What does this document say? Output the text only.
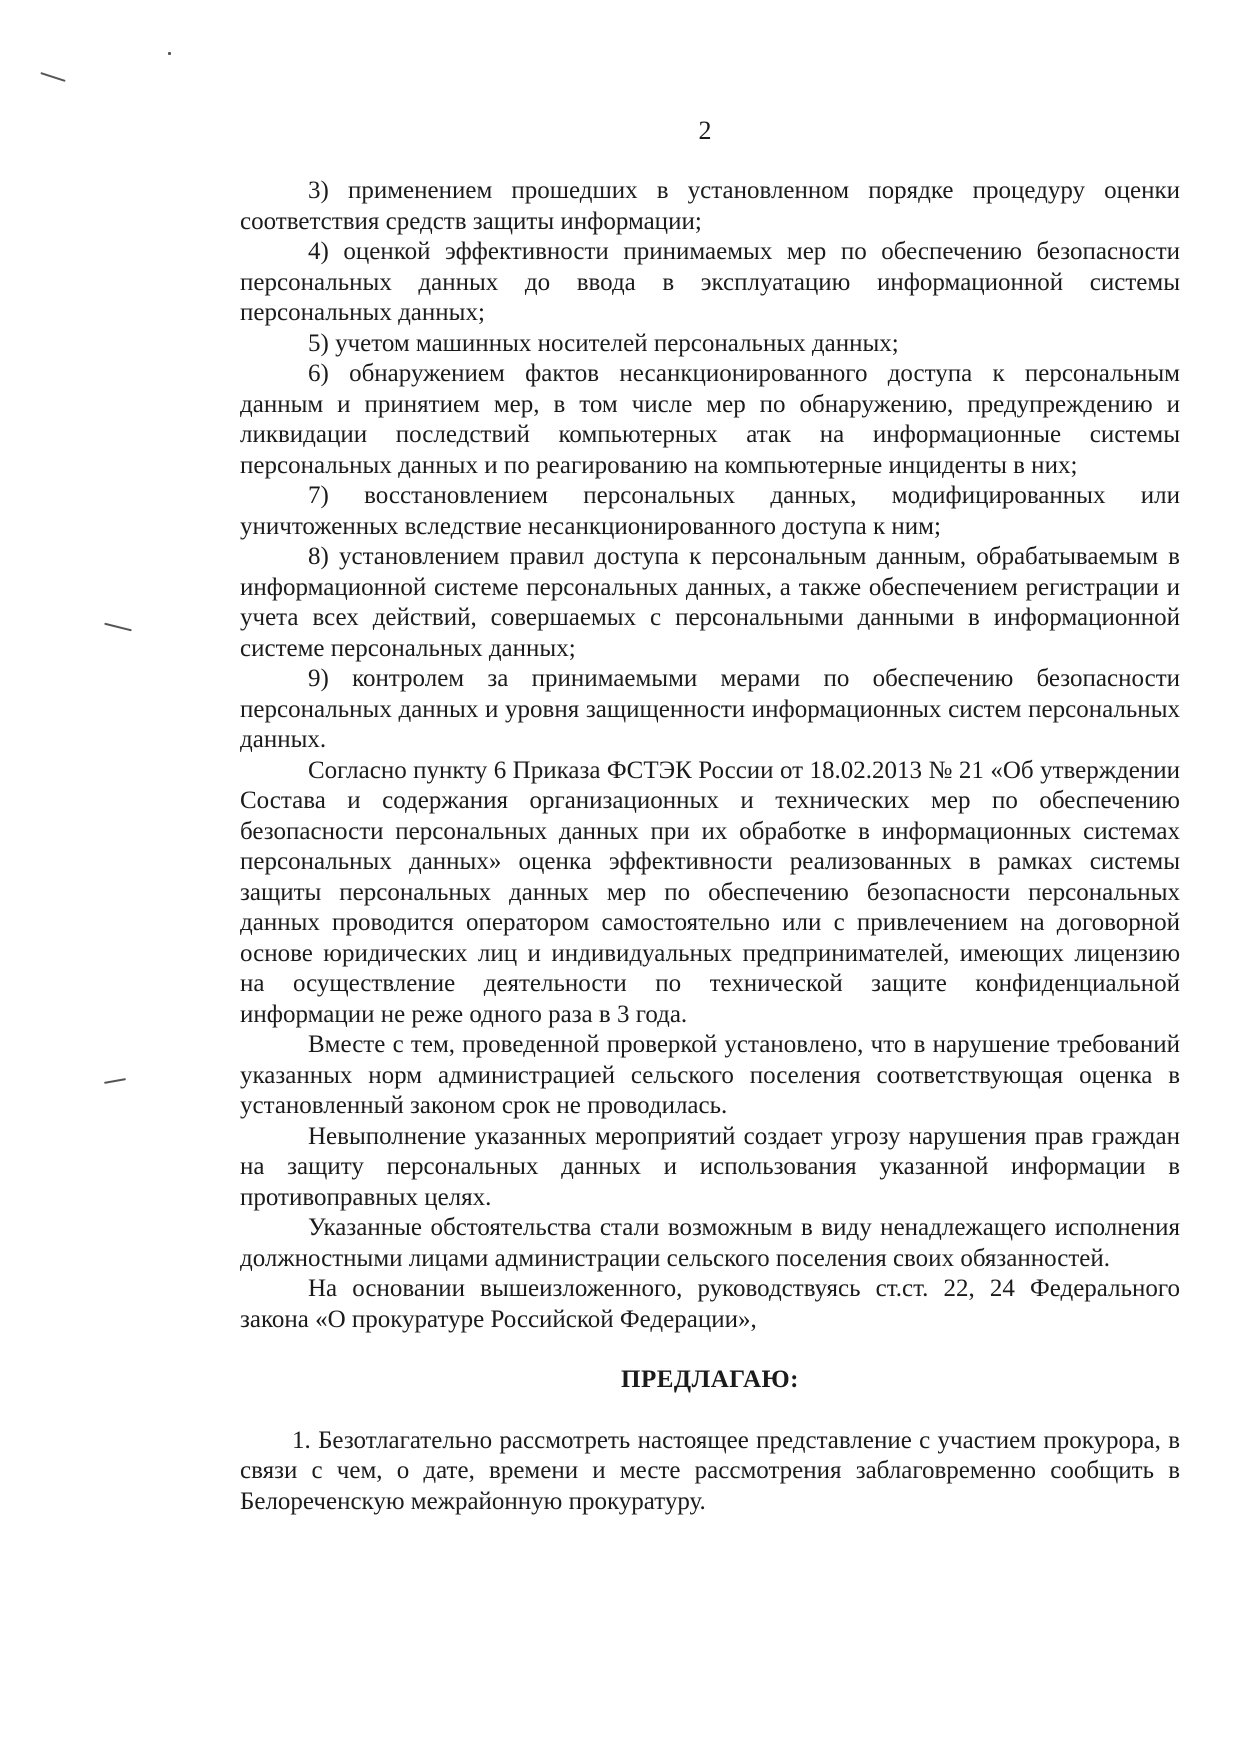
2

3) применением прошедших в установленном порядке процедуру оценки соответствия средств защиты информации;

4) оценкой эффективности принимаемых мер по обеспечению безопасности персональных данных до ввода в эксплуатацию информационной системы персональных данных;

5) учетом машинных носителей персональных данных;

6) обнаружением фактов несанкционированного доступа к персональным данным и принятием мер, в том числе мер по обнаружению, предупреждению и ликвидации последствий компьютерных атак на информационные системы персональных данных и по реагированию на компьютерные инциденты в них;

7) восстановлением персональных данных, модифицированных или уничтоженных вследствие несанкционированного доступа к ним;

8) установлением правил доступа к персональным данным, обрабатываемым в информационной системе персональных данных, а также обеспечением регистрации и учета всех действий, совершаемых с персональными данными в информационной системе персональных данных;

9) контролем за принимаемыми мерами по обеспечению безопасности персональных данных и уровня защищенности информационных систем персональных данных.

Согласно пункту 6 Приказа ФСТЭК России от 18.02.2013 № 21 «Об утверждении Состава и содержания организационных и технических мер по обеспечению безопасности персональных данных при их обработке в информационных системах персональных данных» оценка эффективности реализованных в рамках системы защиты персональных данных мер по обеспечению безопасности персональных данных проводится оператором самостоятельно или с привлечением на договорной основе юридических лиц и индивидуальных предпринимателей, имеющих лицензию на осуществление деятельности по технической защите конфиденциальной информации не реже одного раза в 3 года.

Вместе с тем, проведенной проверкой установлено, что в нарушение требований указанных норм администрацией сельского поселения соответствующая оценка в установленный законом срок не проводилась.

Невыполнение указанных мероприятий создает угрозу нарушения прав граждан на защиту персональных данных и использования указанной информации в противоправных целях.

Указанные обстоятельства стали возможным в виду ненадлежащего исполнения должностными лицами администрации сельского поселения своих обязанностей.

На основании вышеизложенного, руководствуясь ст.ст. 22, 24 Федерального закона «О прокуратуре Российской Федерации»,

ПРЕДЛАГАЮ:

1. Безотлагательно рассмотреть настоящее представление с участием прокурора, в связи с чем, о дате, времени и месте рассмотрения заблаговременно сообщить в Белореченскую межрайонную прокуратуру.
